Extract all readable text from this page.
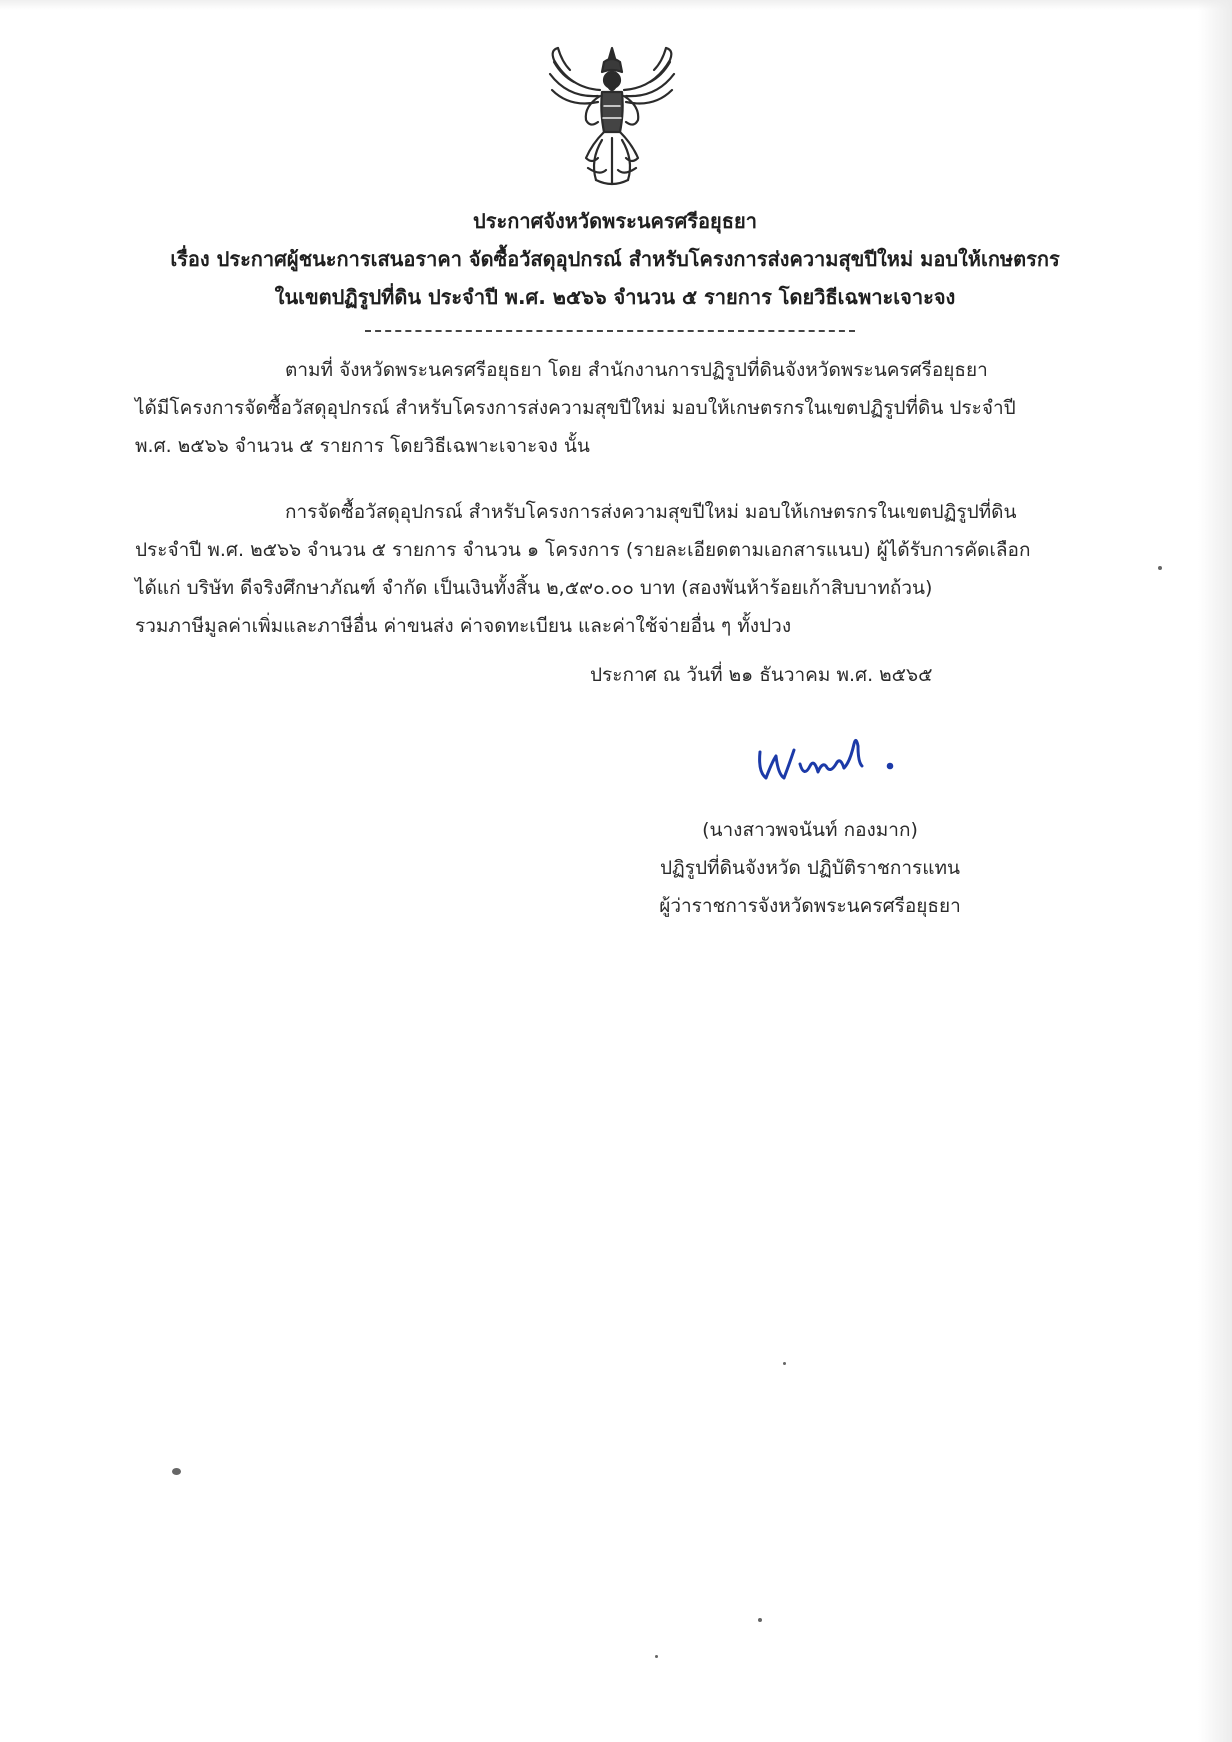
ประกาศจังหวัดพระนครศรีอยุธยา
เรื่อง ประกาศผู้ชนะการเสนอราคา จัดซื้อวัสดุอุปกรณ์ สำหรับโครงการส่งความสุขปีใหม่ มอบให้เกษตรกร
ในเขตปฏิรูปที่ดิน ประจำปี พ.ศ. ๒๕๖๖ จำนวน ๕ รายการ โดยวิธีเฉพาะเจาะจง
ตามที่ จังหวัดพระนครศรีอยุธยา โดย สำนักงานการปฏิรูปที่ดินจังหวัดพระนครศรีอยุธยา
ได้มีโครงการจัดซื้อวัสดุอุปกรณ์ สำหรับโครงการส่งความสุขปีใหม่ มอบให้เกษตรกรในเขตปฏิรูปที่ดิน ประจำปี
พ.ศ. ๒๕๖๖ จำนวน ๕ รายการ โดยวิธีเฉพาะเจาะจง นั้น
การจัดซื้อวัสดุอุปกรณ์ สำหรับโครงการส่งความสุขปีใหม่ มอบให้เกษตรกรในเขตปฏิรูปที่ดิน
ประจำปี พ.ศ. ๒๕๖๖ จำนวน ๕ รายการ จำนวน ๑ โครงการ (รายละเอียดตามเอกสารแนบ) ผู้ได้รับการคัดเลือก
ได้แก่ บริษัท ดีจริงศึกษาภัณฑ์ จำกัด เป็นเงินทั้งสิ้น ๒,๕๙๐.๐๐ บาท (สองพันห้าร้อยเก้าสิบบาทถ้วน)
รวมภาษีมูลค่าเพิ่มและภาษีอื่น ค่าขนส่ง ค่าจดทะเบียน และค่าใช้จ่ายอื่น ๆ ทั้งปวง
ประกาศ ณ วันที่ ๒๑ ธันวาคม พ.ศ. ๒๕๖๕
(นางสาวพจนันท์ กองมาก)
ปฏิรูปที่ดินจังหวัด ปฏิบัติราชการแทน
ผู้ว่าราชการจังหวัดพระนครศรีอยุธยา
